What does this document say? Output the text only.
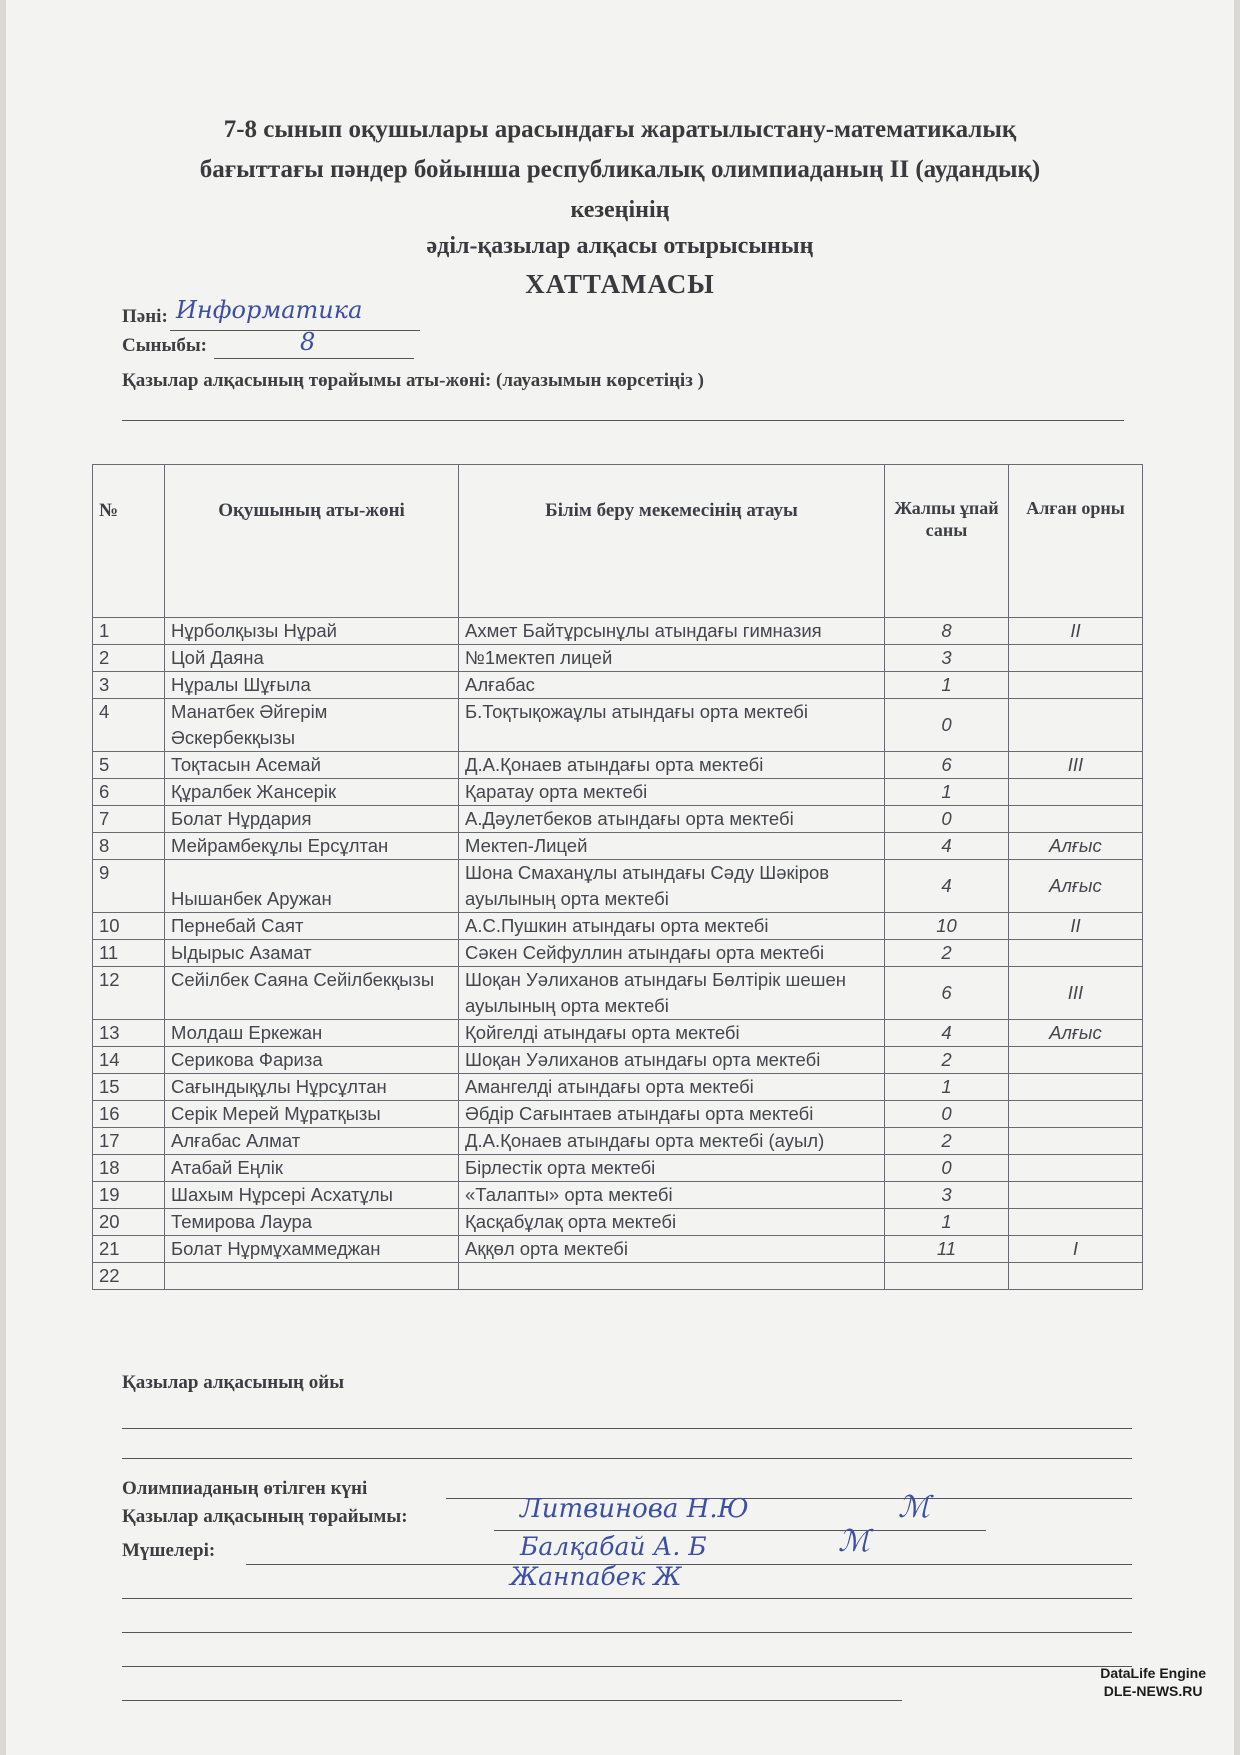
7-8 сынып оқушылары арасындағы жаратылыстану-математикалық
бағыттағы пәндер бойынша республикалық олимпиаданың II (аудандық)
кезеңінің
әділ-қазылар алқасы отырысының
ХАТТАМАСЫ
Пәні: Информатика
Сыныбы:	8
Қазылар алқасының төрайымы аты-жөні: (лауазымын көрсетіңіз )
№	Оқушының аты-жөні	Білім беру мекемесінің атауы	Жалпы ұпай саны	Алған орны
1	Нұрболқызы Нұрай	Ахмет Байтұрсынұлы атындағы гимназия	8	II
2	Цой Даяна	№1мектеп лицей	3	
3	Нұралы Шұғыла	Алғабас	1	
4	Манатбек Әйгерім Әскербекқызы	Б.Тоқтықожаұлы атындағы орта мектебі	0	
5	Тоқтасын Асемай	Д.А.Қонаев атындағы орта мектебі	6	III
6	Құралбек Жансерік	Қаратау орта мектебі	1	
7	Болат Нұрдария	А.Дәулетбеков атындағы орта мектебі	0	
8	Мейрамбекұлы Ерсұлтан	Мектеп-Лицей	4	Алғыс
9	Нышанбек Аружан	Шона Смаханұлы атындағы Сәду Шәкіров ауылының орта мектебі	4	Алғыс
10	Пернебай Саят	А.С.Пушкин атындағы орта мектебі	10	II
11	Ыдырыс Азамат	Сәкен Сейфуллин атындағы орта мектебі	2	
12	Сейілбек Саяна Сейілбекқызы	Шоқан Уәлиханов атындағы Бөлтірік шешен ауылының орта мектебі	6	III
13	Молдаш Еркежан	Қойгелді атындағы орта мектебі	4	Алғыс
14	Серикова Фариза	Шоқан Уәлиханов атындағы орта мектебі	2	
15	Сағындықұлы Нұрсұлтан	Амангелді атындағы орта мектебі	1	
16	Серік Мерей Мұратқызы	Әбдір Сағынтаев атындағы орта мектебі	0	
17	Алғабас Алмат	Д.А.Қонаев атындағы орта мектебі (ауыл)	2	
18	Атабай Еңлік	Бірлестік орта мектебі	0	
19	Шахым Нұрсері Асхатұлы	«Талапты» орта мектебі	3	
20	Темирова Лаура	Қасқабұлақ орта мектебі	1	
21	Болат Нұрмұхаммеджан	Аққөл орта мектебі	11	I
22				
Қазылар алқасының ойы
Олимпиаданың өтілген күні
Қазылар алқасының төрайымы:	Литвинова Н.Ю	ℳ
Мүшелері:	Балқабай А. Б	ℳ
Жанпабек Ж
DataLife Engine
DLE-NEWS.RU
